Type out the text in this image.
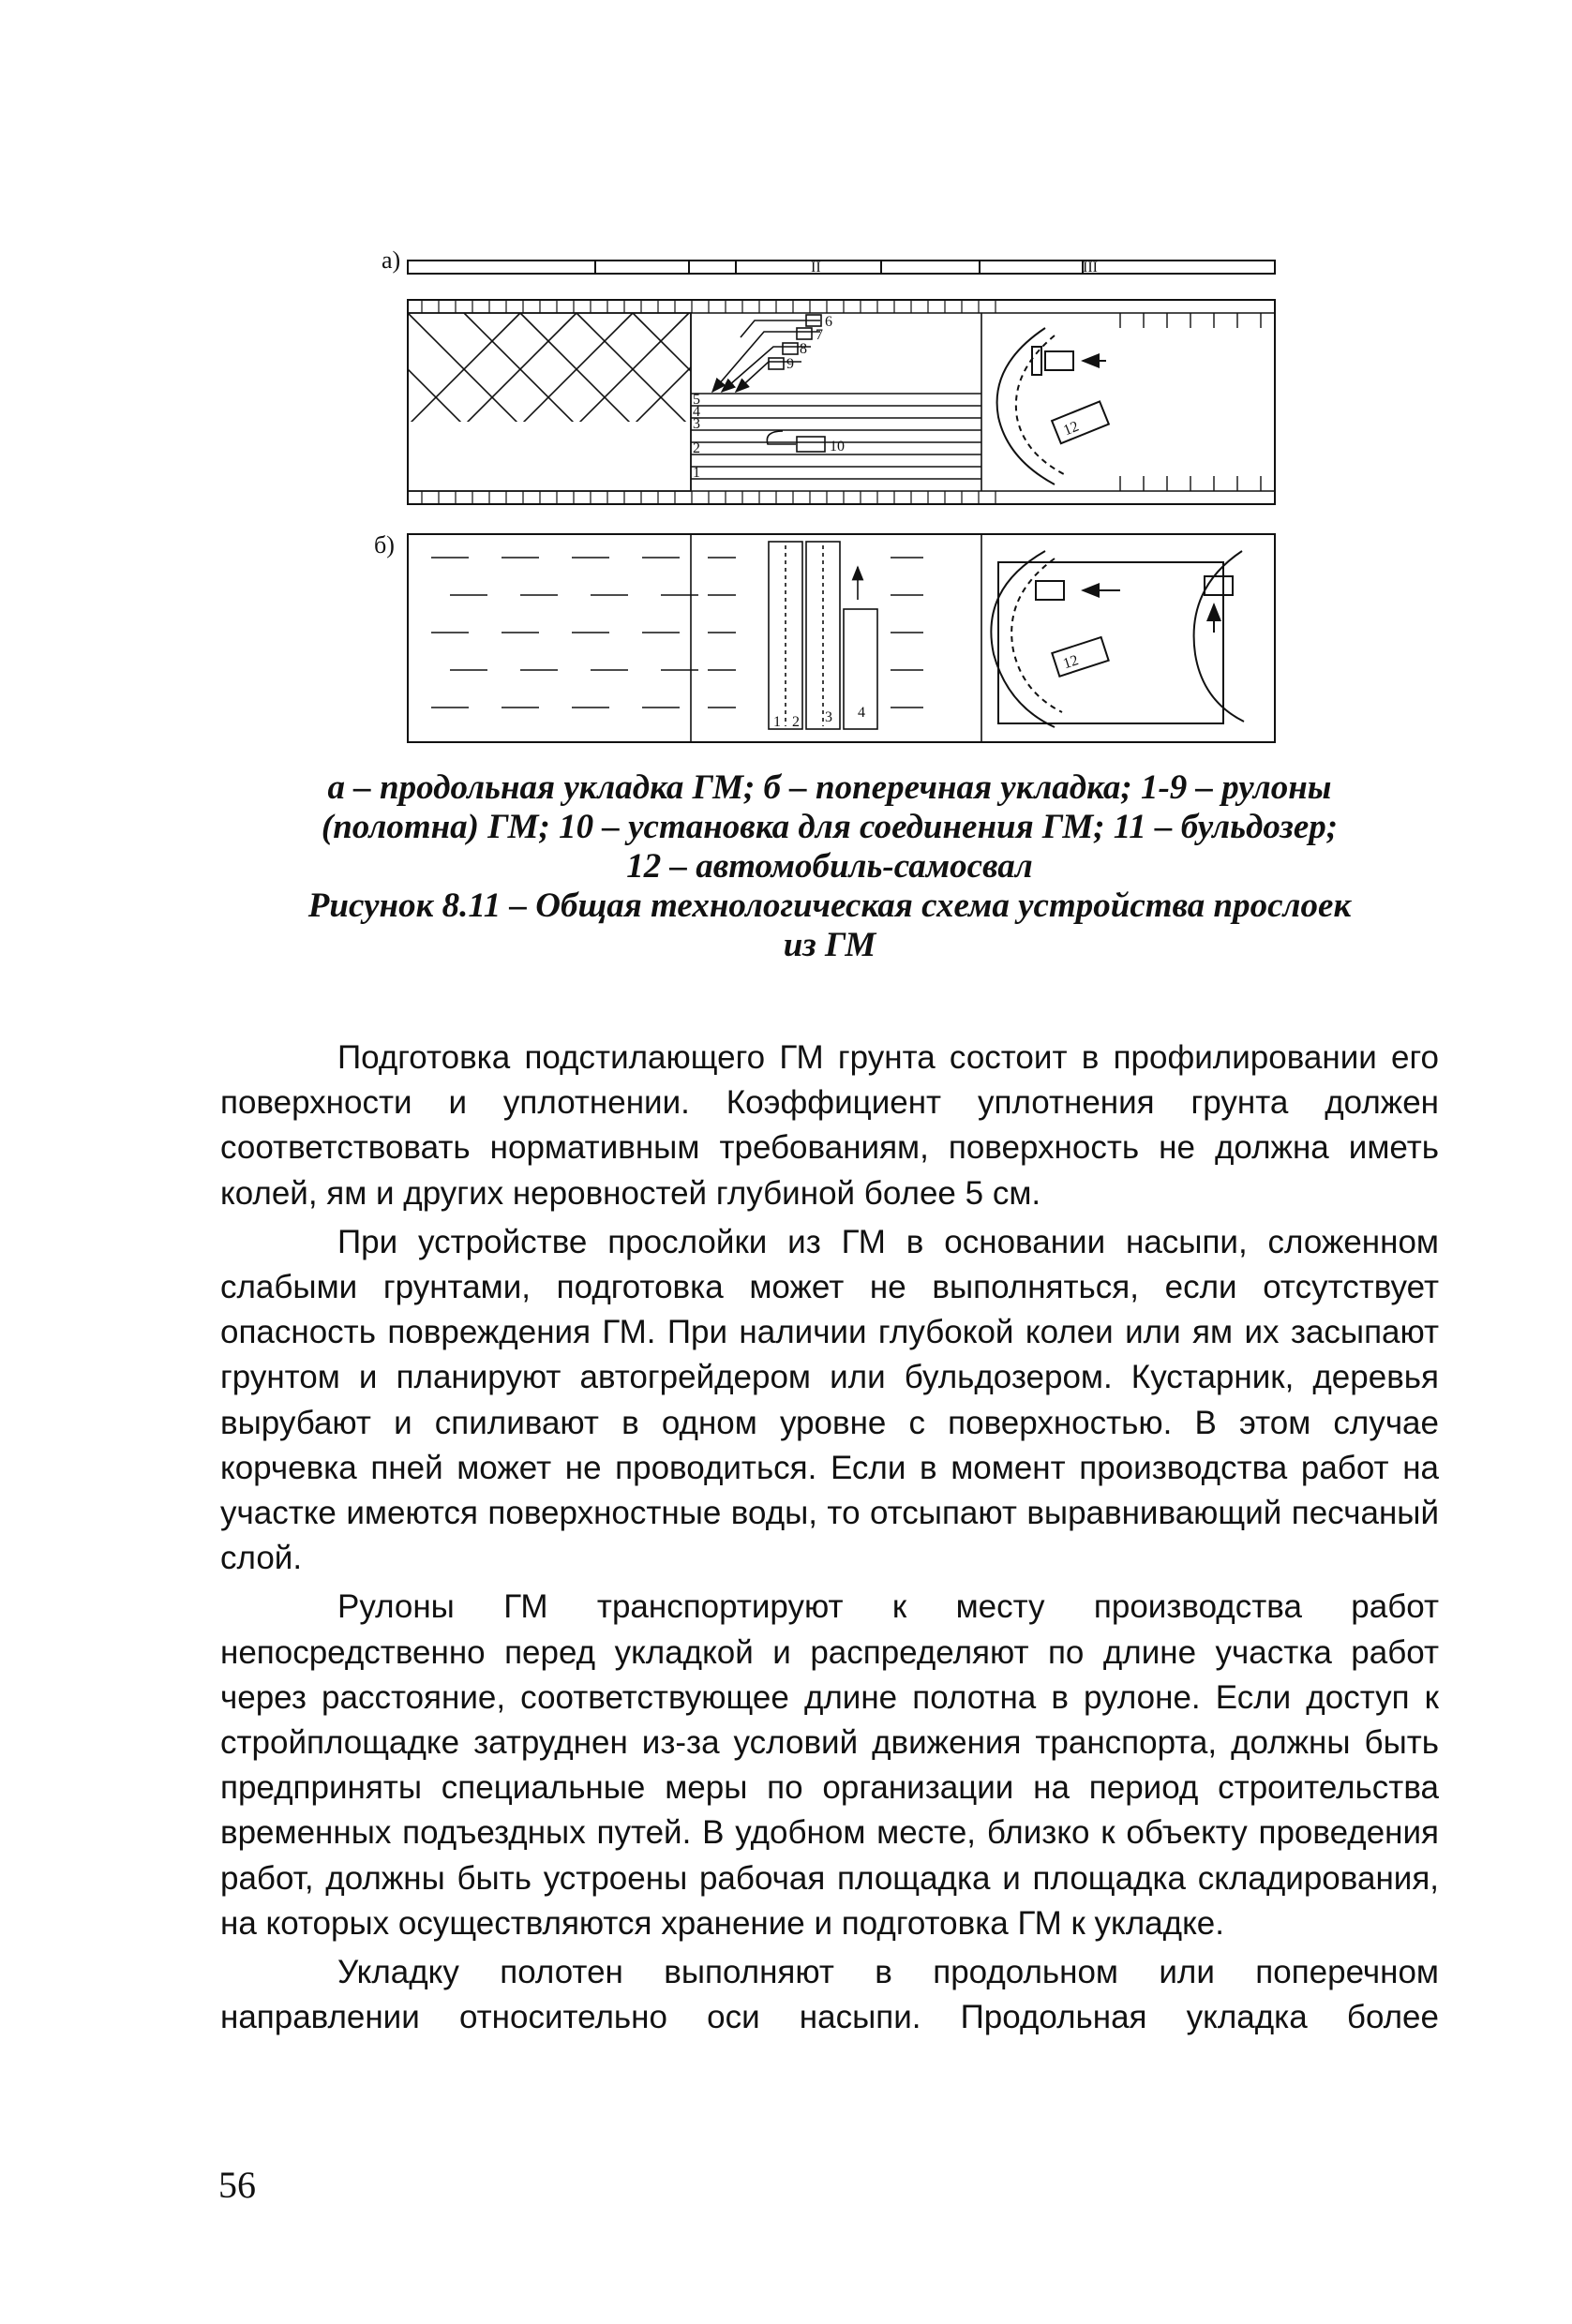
а)
б)
II	III
6
7
8
9
10
5
4
3
2
1
12
1 2 3 4
12
а – продольная укладка ГМ; б – поперечная укладка; 1-9 – рулоны
(полотна) ГМ; 10 – установка для соединения ГМ; 11 – бульдозер;
12 – автомобиль-самосвал
Рисунок 8.11 – Общая технологическая схема устройства прослоек
из ГМ

Подготовка подстилающего ГМ грунта состоит в профилировании его поверхности и уплотнении. Коэффициент уплотнения грунта должен соответствовать нормативным требованиям, поверхность не должна иметь колей, ям и других неровностей глубиной более 5 см.

При устройстве прослойки из ГМ в основании насыпи, сложенном слабыми грунтами, подготовка может не выполняться, если отсутствует опасность повреждения ГМ. При наличии глубокой колеи или ям их засыпают грунтом и планируют автогрейдером или бульдозером. Кустарник, деревья вырубают и спиливают в одном уровне с поверхностью. В этом случае корчевка пней может не проводиться. Если в момент производства работ на участке имеются поверхностные воды, то отсыпают выравнивающий песчаный слой.

Рулоны ГМ транспортируют к месту производства работ непосредственно перед укладкой и распределяют по длине участка работ через расстояние, соответствующее длине полотна в рулоне. Если доступ к стройплощадке затруднен из-за условий движения транспорта, должны быть предприняты специальные меры по организации на период строительства временных подъездных путей. В удобном месте, близко к объекту проведения работ, должны быть устроены рабочая площадка и площадка складирования, на которых осуществляются хранение и подготовка ГМ к укладке.

Укладку полотен выполняют в продольном или поперечном направлении относительно оси насыпи. Продольная укладка более

56
